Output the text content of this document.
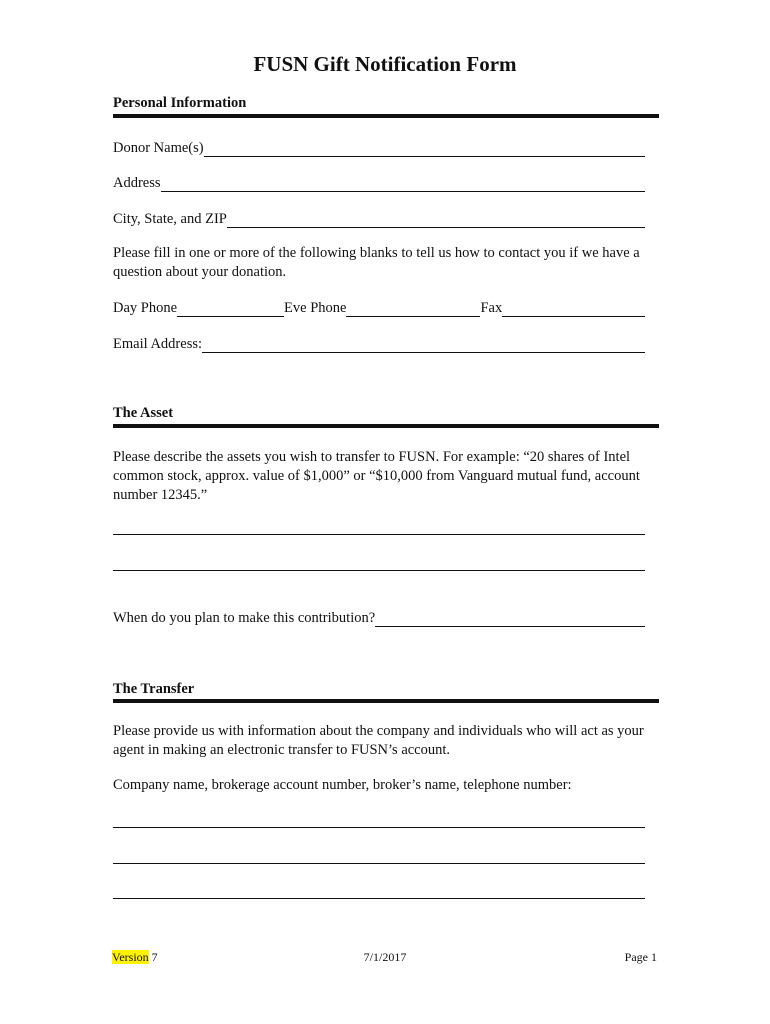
FUSN Gift Notification Form
Personal Information
Donor Name(s)
Address
City, State, and ZIP
Please fill in one or more of the following blanks to tell us how to contact you if we have a question about your donation.
Day Phone	Eve Phone	Fax
Email Address:
The Asset
Please describe the assets you wish to transfer to FUSN. For example: “20 shares of Intel common stock, approx. value of $1,000” or “$10,000 from Vanguard mutual fund, account number 12345.”
When do you plan to make this contribution?
The Transfer
Please provide us with information about the company and individuals who will act as your agent in making an electronic transfer to FUSN’s account.
Company name, brokerage account number, broker’s name, telephone number:
Version 7	7/1/2017	Page 1
